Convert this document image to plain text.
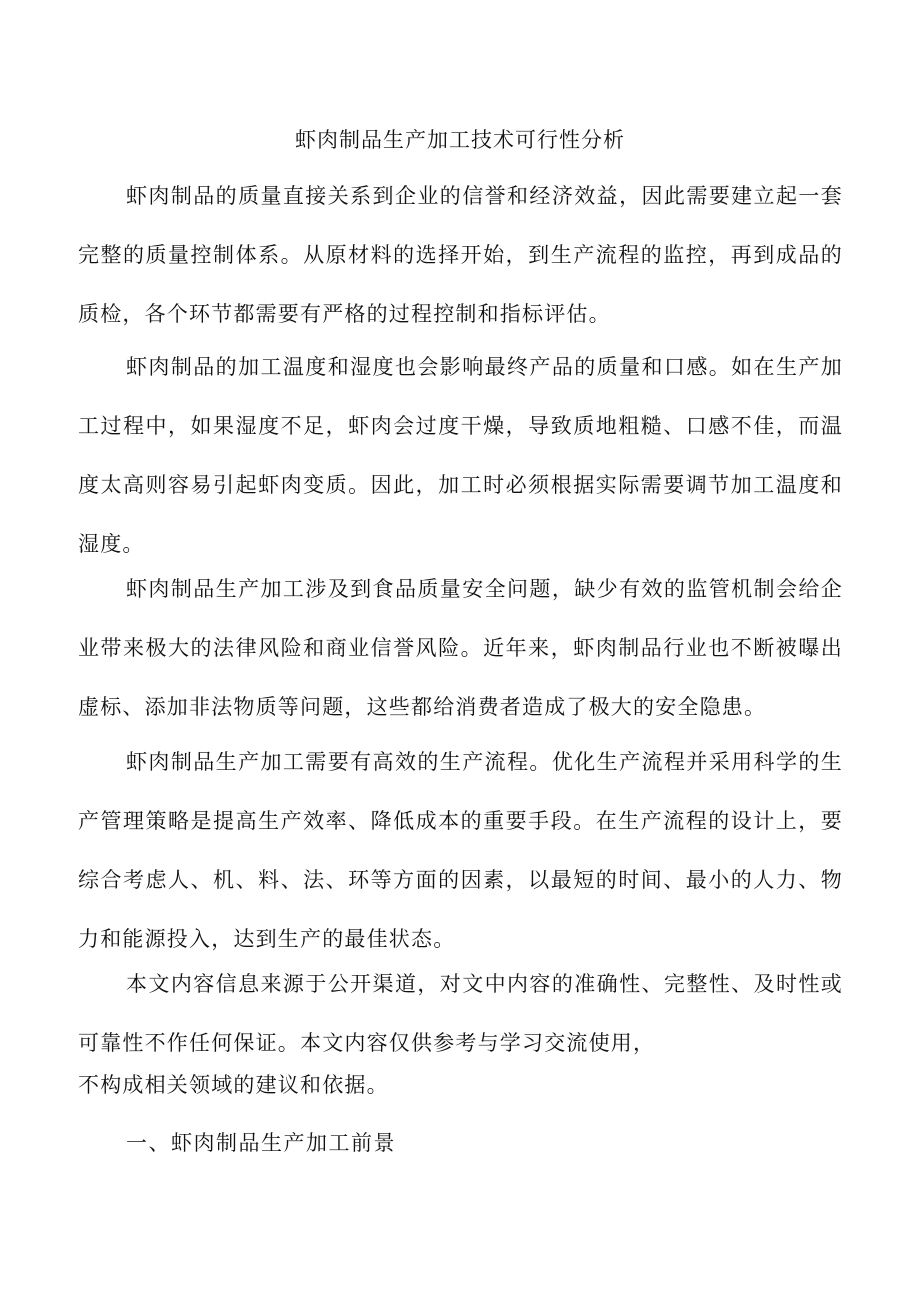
虾肉制品生产加工技术可行性分析
虾肉制品的质量直接关系到企业的信誉和经济效益，因此需要建立起一套完整的质量控制体系。从原材料的选择开始，到生产流程的监控，再到成品的质检，各个环节都需要有严格的过程控制和指标评估。
虾肉制品的加工温度和湿度也会影响最终产品的质量和口感。如在生产加工过程中，如果湿度不足，虾肉会过度干燥，导致质地粗糙、口感不佳，而温度太高则容易引起虾肉变质。因此，加工时必须根据实际需要调节加工温度和湿度。
虾肉制品生产加工涉及到食品质量安全问题，缺少有效的监管机制会给企业带来极大的法律风险和商业信誉风险。近年来，虾肉制品行业也不断被曝出虚标、添加非法物质等问题，这些都给消费者造成了极大的安全隐患。
虾肉制品生产加工需要有高效的生产流程。优化生产流程并采用科学的生产管理策略是提高生产效率、降低成本的重要手段。在生产流程的设计上，要综合考虑人、机、料、法、环等方面的因素，以最短的时间、最小的人力、物力和能源投入，达到生产的最佳状态。
本文内容信息来源于公开渠道，对文中内容的准确性、完整性、及时性或可靠性不作任何保证。本文内容仅供参考与学习交流使用，
不构成相关领域的建议和依据。
一、虾肉制品生产加工前景
